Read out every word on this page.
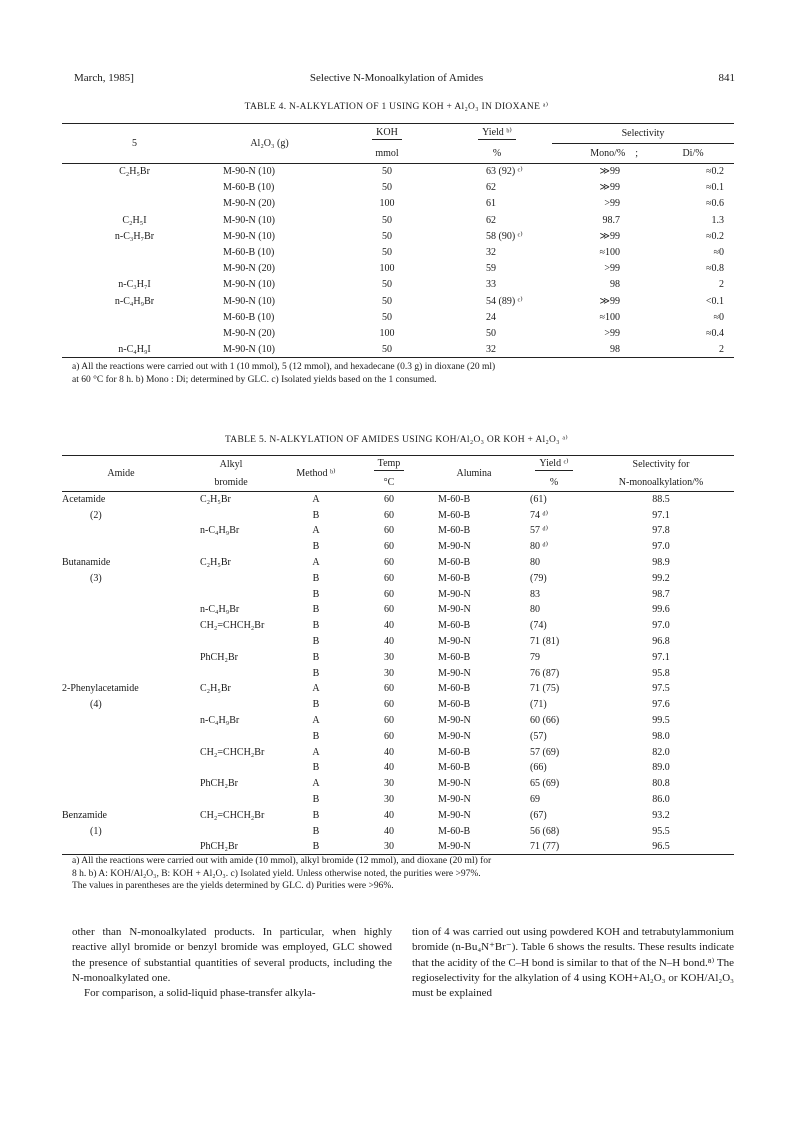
March, 1985]	Selective N-Monoalkylation of Amides	841
TABLE 4. N-ALKYLATION OF 1 USING KOH + Al₂O₃ IN DIOXANE ᵃ⁾
5	Al₂O₃ (g)	KOH	Yield ᵇ⁾	Selectivity	
		mmol	%	Mono/% ;	Di/%
C₂H₅Br	M-90-N (10)	50	63 (92) ᶜ⁾	≫99	≈0.2
	M-60-B (10)	50	62	≫99	≈0.1
	M-90-N (20)	100	61	>99	≈0.6
C₂H₅I	M-90-N (10)	50	62	98.7	1.3
n-C₃H₇Br	M-90-N (10)	50	58 (90) ᶜ⁾	≫99	≈0.2
	M-60-B (10)	50	32	≈100	≈0
	M-90-N (20)	100	59	>99	≈0.8
n-C₃H₇I	M-90-N (10)	50	33	98	2
n-C₄H₉Br	M-90-N (10)	50	54 (89) ᶜ⁾	≫99	<0.1
	M-60-B (10)	50	24	≈100	≈0
	M-90-N (20)	100	50	>99	≈0.4
n-C₄H₉I	M-90-N (10)	50	32	98	2
a) All the reactions were carried out with 1 (10 mmol), 5 (12 mmol), and hexadecane (0.3 g) in dioxane (20 ml)
at 60 °C for 8 h. b) Mono : Di; determined by GLC. c) Isolated yields based on the 1 consumed.
TABLE 5. N-ALKYLATION OF AMIDES USING KOH/Al₂O₃ OR KOH + Al₂O₃ ᵃ⁾
Amide	Alkyl	Method ᵇ⁾	Temp	Alumina	Yield ᶜ⁾	Selectivity for
	bromide		°C		%	N-monoalkylation/%
Acetamide	C₂H₅Br	A	60	M-60-B	(61)	88.5
(2)		B	60	M-60-B	74 ᵈ⁾	97.1
	n-C₄H₉Br	A	60	M-60-B	57 ᵈ⁾	97.8
		B	60	M-90-N	80 ᵈ⁾	97.0
Butanamide	C₂H₅Br	A	60	M-60-B	80	98.9
(3)		B	60	M-60-B	(79)	99.2
		B	60	M-90-N	83	98.7
	n-C₄H₉Br	B	60	M-90-N	80	99.6
	CH₂=CHCH₂Br	B	40	M-60-B	(74)	97.0
		B	40	M-90-N	71 (81)	96.8
	PhCH₂Br	B	30	M-60-B	79	97.1
		B	30	M-90-N	76 (87)	95.8
2-Phenylacetamide	C₂H₅Br	A	60	M-60-B	71 (75)	97.5
(4)		B	60	M-60-B	(71)	97.6
	n-C₄H₉Br	A	60	M-90-N	60 (66)	99.5
		B	60	M-90-N	(57)	98.0
	CH₂=CHCH₂Br	A	40	M-60-B	57 (69)	82.0
		B	40	M-60-B	(66)	89.0
	PhCH₂Br	A	30	M-90-N	65 (69)	80.8
		B	30	M-90-N	69	86.0
Benzamide	CH₂=CHCH₂Br	B	40	M-90-N	(67)	93.2
(1)		B	40	M-60-B	56 (68)	95.5
	PhCH₂Br	B	30	M-90-N	71 (77)	96.5
a) All the reactions were carried out with amide (10 mmol), alkyl bromide (12 mmol), and dioxane (20 ml) for
8 h. b) A: KOH/Al₂O₃, B: KOH + Al₂O₃. c) Isolated yield. Unless otherwise noted, the purities were >97%.
The values in parentheses are the yields determined by GLC. d) Purities were >96%.

other than N-monoalkylated products. In particular, when highly reactive allyl bromide or benzyl bromide was employed, GLC showed the presence of substantial quantities of several products, including the N-monoalkylated one.

For comparison, a solid-liquid phase-transfer alkyla-

tion of 4 was carried out using powdered KOH and tetrabutylammonium bromide (n-Bu₄N⁺Br⁻). Table 6 shows the results. These results indicate that the acidity of the C–H bond is similar to that of the N–H bond.⁸⁾ The regioselectivity for the alkylation of 4 using KOH+Al₂O₃ or KOH/Al₂O₃ must be explained
